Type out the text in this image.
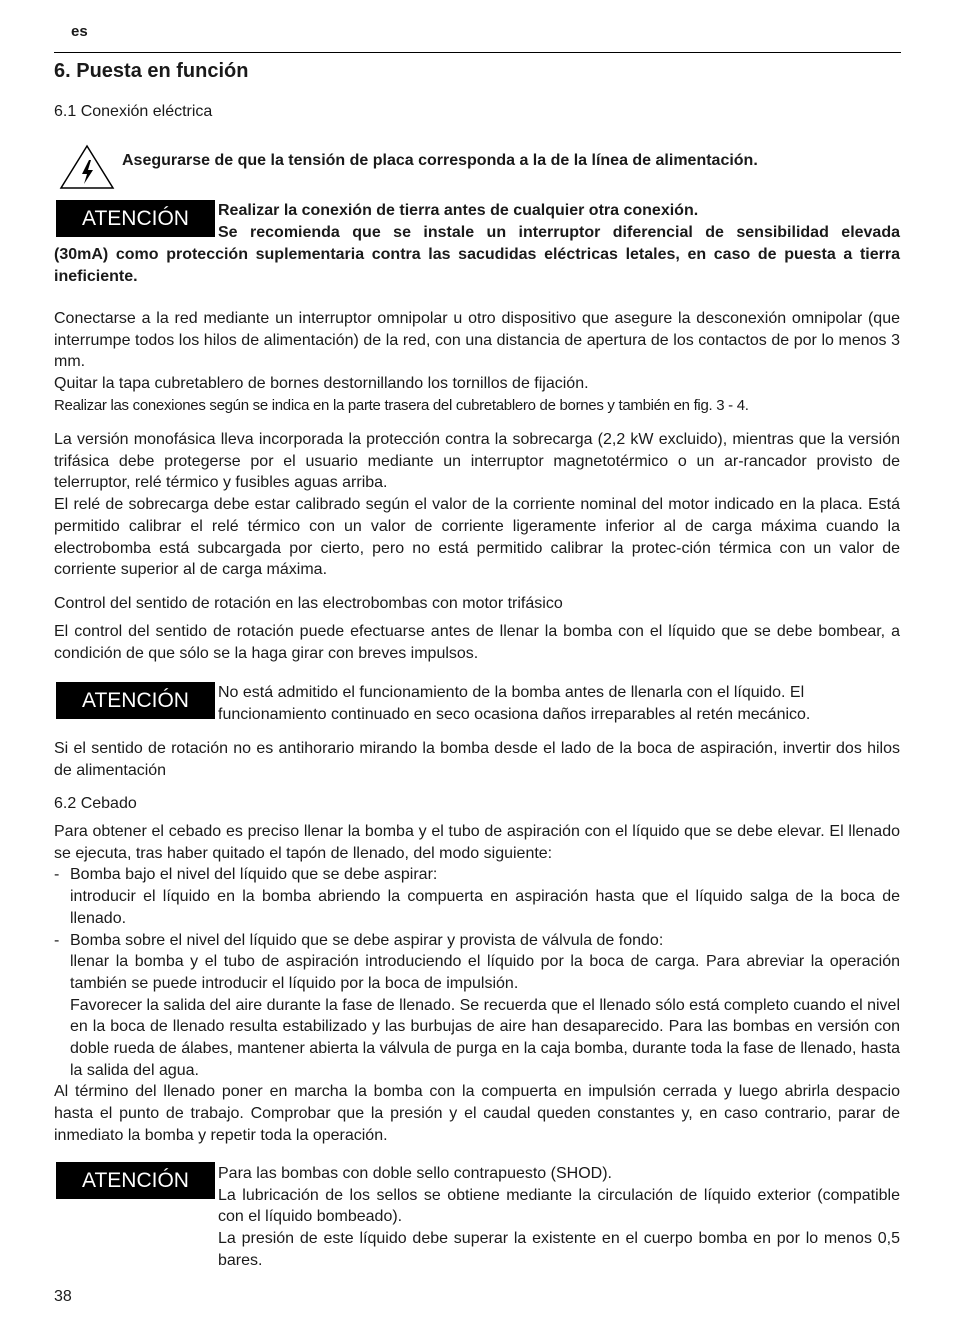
es
6. Puesta en función
6.1 Conexión eléctrica
Asegurarse de que la tensión de placa corresponda a la de la línea de alimentación.
ATENCIÓN	Realizar la conexión de tierra antes de cualquier otra conexión.

Se recomienda que se instale un interruptor diferencial de sensibilidad elevada

(30mA) como protección suplementaria contra las sacudidas eléctricas letales, en caso de puesta a tierra ineficiente.

Conectarse a la red mediante un interruptor omnipolar u otro dispositivo que asegure la desconexión omnipolar (que interrumpe todos los hilos de alimentación) de la red, con una distancia de apertura de los contactos de por lo menos 3 mm.

Quitar la tapa cubretablero de bornes destornillando los tornillos de fijación.

Realizar las conexiones según se indica en la parte trasera del cubretablero de bornes y también en fig. 3 - 4.

La versión monofásica lleva incorporada la protección contra la sobrecarga (2,2 kW excluido), mientras que la versión trifásica debe protegerse por el usuario mediante un interruptor magnetotérmico o un ar-rancador provisto de telerruptor, relé térmico y fusibles aguas arriba.

El relé de sobrecarga debe estar calibrado según el valor de la corriente nominal del motor indicado en la placa. Está permitido calibrar el relé térmico con un valor de corriente ligeramente inferior al de carga máxima cuando la electrobomba está subcargada por cierto, pero no está permitido calibrar la protec-ción térmica con un valor de corriente superior al de carga máxima.

Control del sentido de rotación en las electrobombas con motor trifásico
El control del sentido de rotación puede efectuarse antes de llenar la bomba con el líquido que se debe bombear, a condición de que sólo se la haga girar con breves impulsos.
ATENCIÓN	No está admitido el funcionamiento de la bomba antes de llenarla con el líquido. El funcionamiento continuado en seco ocasiona daños irreparables al retén mecánico.
Si el sentido de rotación no es antihorario mirando la bomba desde el lado de la boca de aspiración, invertir dos hilos de alimentación
6.2 Cebado

Para obtener el cebado es preciso llenar la bomba y el tubo de aspiración con el líquido que se debe elevar. El llenado se ejecuta, tras haber quitado el tapón de llenado, del modo siguiente:

- Bomba bajo el nivel del líquido que se debe aspirar:

introducir el líquido en la bomba abriendo la compuerta en aspiración hasta que el líquido salga de la boca de llenado.

- Bomba sobre el nivel del líquido que se debe aspirar y provista de válvula de fondo:

llenar la bomba y el tubo de aspiración introduciendo el líquido por la boca de carga. Para abreviar la operación también se puede introducir el líquido por la boca de impulsión.

Favorecer la salida del aire durante la fase de llenado. Se recuerda que el llenado sólo está completo cuando el nivel en la boca de llenado resulta estabilizado y las burbujas de aire han desaparecido. Para las bombas en versión con doble rueda de álabes, mantener abierta la válvula de purga en la caja bomba, durante toda la fase de llenado, hasta la salida del agua.

Al término del llenado poner en marcha la bomba con la compuerta en impulsión cerrada y luego abrirla despacio hasta el punto de trabajo. Comprobar que la presión y el caudal queden constantes y, en caso contrario, parar de inmediato la bomba y repetir toda la operación.

ATENCIÓN	Para las bombas con doble sello contrapuesto (SHOD).

La lubricación de los sellos se obtiene mediante la circulación de líquido exterior (compatible con el líquido bombeado).

La presión de este líquido debe superar la existente en el cuerpo bomba en por lo menos 0,5 bares.

38
